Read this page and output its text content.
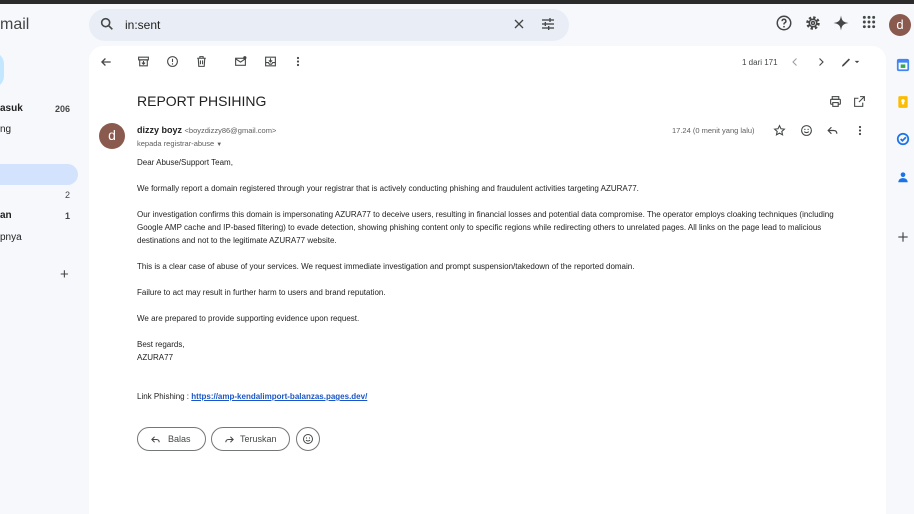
mail
in:sent	d
asuk	206
ng
2
an	1
pnya
+
1 dari 171
REPORT PHSIHING
d	dizzy boyz <boyzdizzy86@gmail.com>
kepada registrar-abuse ▼
17.24 (0 menit yang lalu)
Dear Abuse/Support Team,
We formally report a domain registered through your registrar that is actively conducting phishing and fraudulent activities targeting AZURA77.
Our investigation confirms this domain is impersonating AZURA77 to deceive users, resulting in financial losses and potential data compromise. The operator employs cloaking techniques (including Google AMP cache and IP-based filtering) to evade detection, showing phishing content only to specific regions while redirecting others to unrelated pages. All links on the page lead to malicious destinations and not to the legitimate AZURA77 website.
This is a clear case of abuse of your services. We request immediate investigation and prompt suspension/takedown of the reported domain.
Failure to act may result in further harm to users and brand reputation.
We are prepared to provide supporting evidence upon request.
Best regards,
AZURA77
Link Phishing : https://amp-kendalimport-balanzas.pages.dev/
Balas	Teruskan
